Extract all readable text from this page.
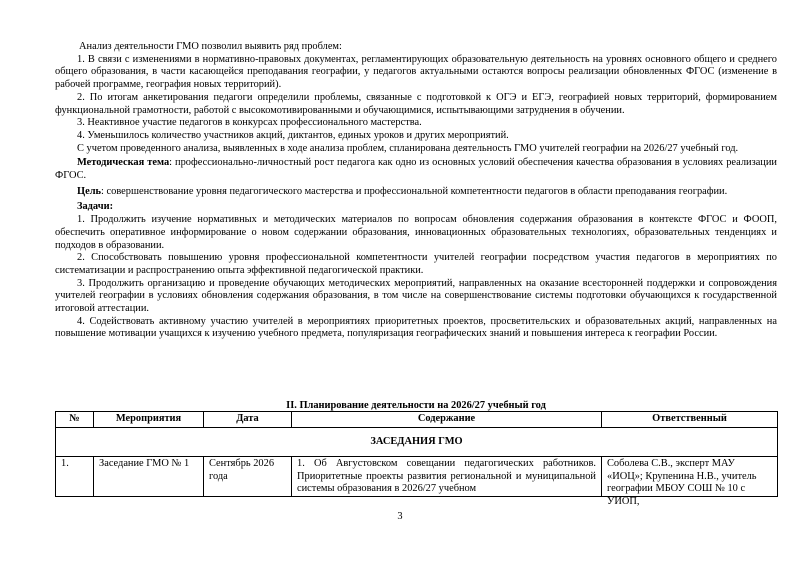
Анализ деятельности ГМО позволил выявить ряд проблем:

1. В связи с изменениями в нормативно-правовых документах, регламентирующих образовательную деятельность на уровнях основного общего и среднего общего образования, в части касающейся преподавания географии, у педагогов актуальными остаются вопросы реализации обновленных ФГОС (изменение в рабочей программе, география новых территорий).

2. По итогам анкетирования педагоги определили проблемы, связанные с подготовкой к ОГЭ и ЕГЭ, географией новых территорий, формированием функциональной грамотности, работой с высокомотивированными и обучающимися, испытывающими затруднения в обучении.

3. Неактивное участие педагогов в конкурсах профессионального мастерства.

4. Уменьшилось количество участников акций, диктантов, единых уроков и других мероприятий.

С учетом проведенного анализа, выявленных в ходе анализа проблем, спланирована деятельность ГМО учителей географии на 2026/27 учебный год.

Методическая тема: профессионально-личностный рост педагога как одно из основных условий обеспечения качества образования в условиях реализации ФГОС.

Цель: совершенствование уровня педагогического мастерства и профессиональной компетентности педагогов в области преподавания географии.

Задачи:

1. Продолжить изучение нормативных и методических материалов по вопросам обновления содержания образования в контексте ФГОС и ФООП, обеспечить оперативное информирование о новом содержании образования, инновационных образовательных технологиях, образовательных тенденциях и подходов в образовании.

2. Способствовать повышению уровня профессиональной компетентности учителей географии посредством участия педагогов в мероприятиях по систематизации и распространению опыта эффективной педагогической практики.

3. Продолжить организацию и проведение обучающих методических мероприятий, направленных на оказание всесторонней поддержки и сопровождения учителей географии в условиях обновления содержания образования, в том числе на совершенствование системы подготовки обучающихся к государственной итоговой аттестации.

4. Содействовать активному участию учителей в мероприятиях приоритетных проектов, просветительских и образовательных акций, направленных на повышение мотивации учащихся к изучению учебного предмета, популяризация географических знаний и повышения интереса к географии России.

II. Планирование деятельности на 2026/27 учебный год
№	Мероприятия	Дата	Содержание	Ответственный
ЗАСЕДАНИЯ ГМО				

1.	Заседание ГМО № 1	Сентябрь 2026 года	1. Об Августовском совещании педагогических работников. Приоритетные проекты развития региональной и муниципальной системы образования в 2026/27 учебном	Соболева С.В., эксперт МАУ «ИОЦ»; Крупенина Н.В., учитель географии МБОУ СОШ № 10 с УИОП,
3
